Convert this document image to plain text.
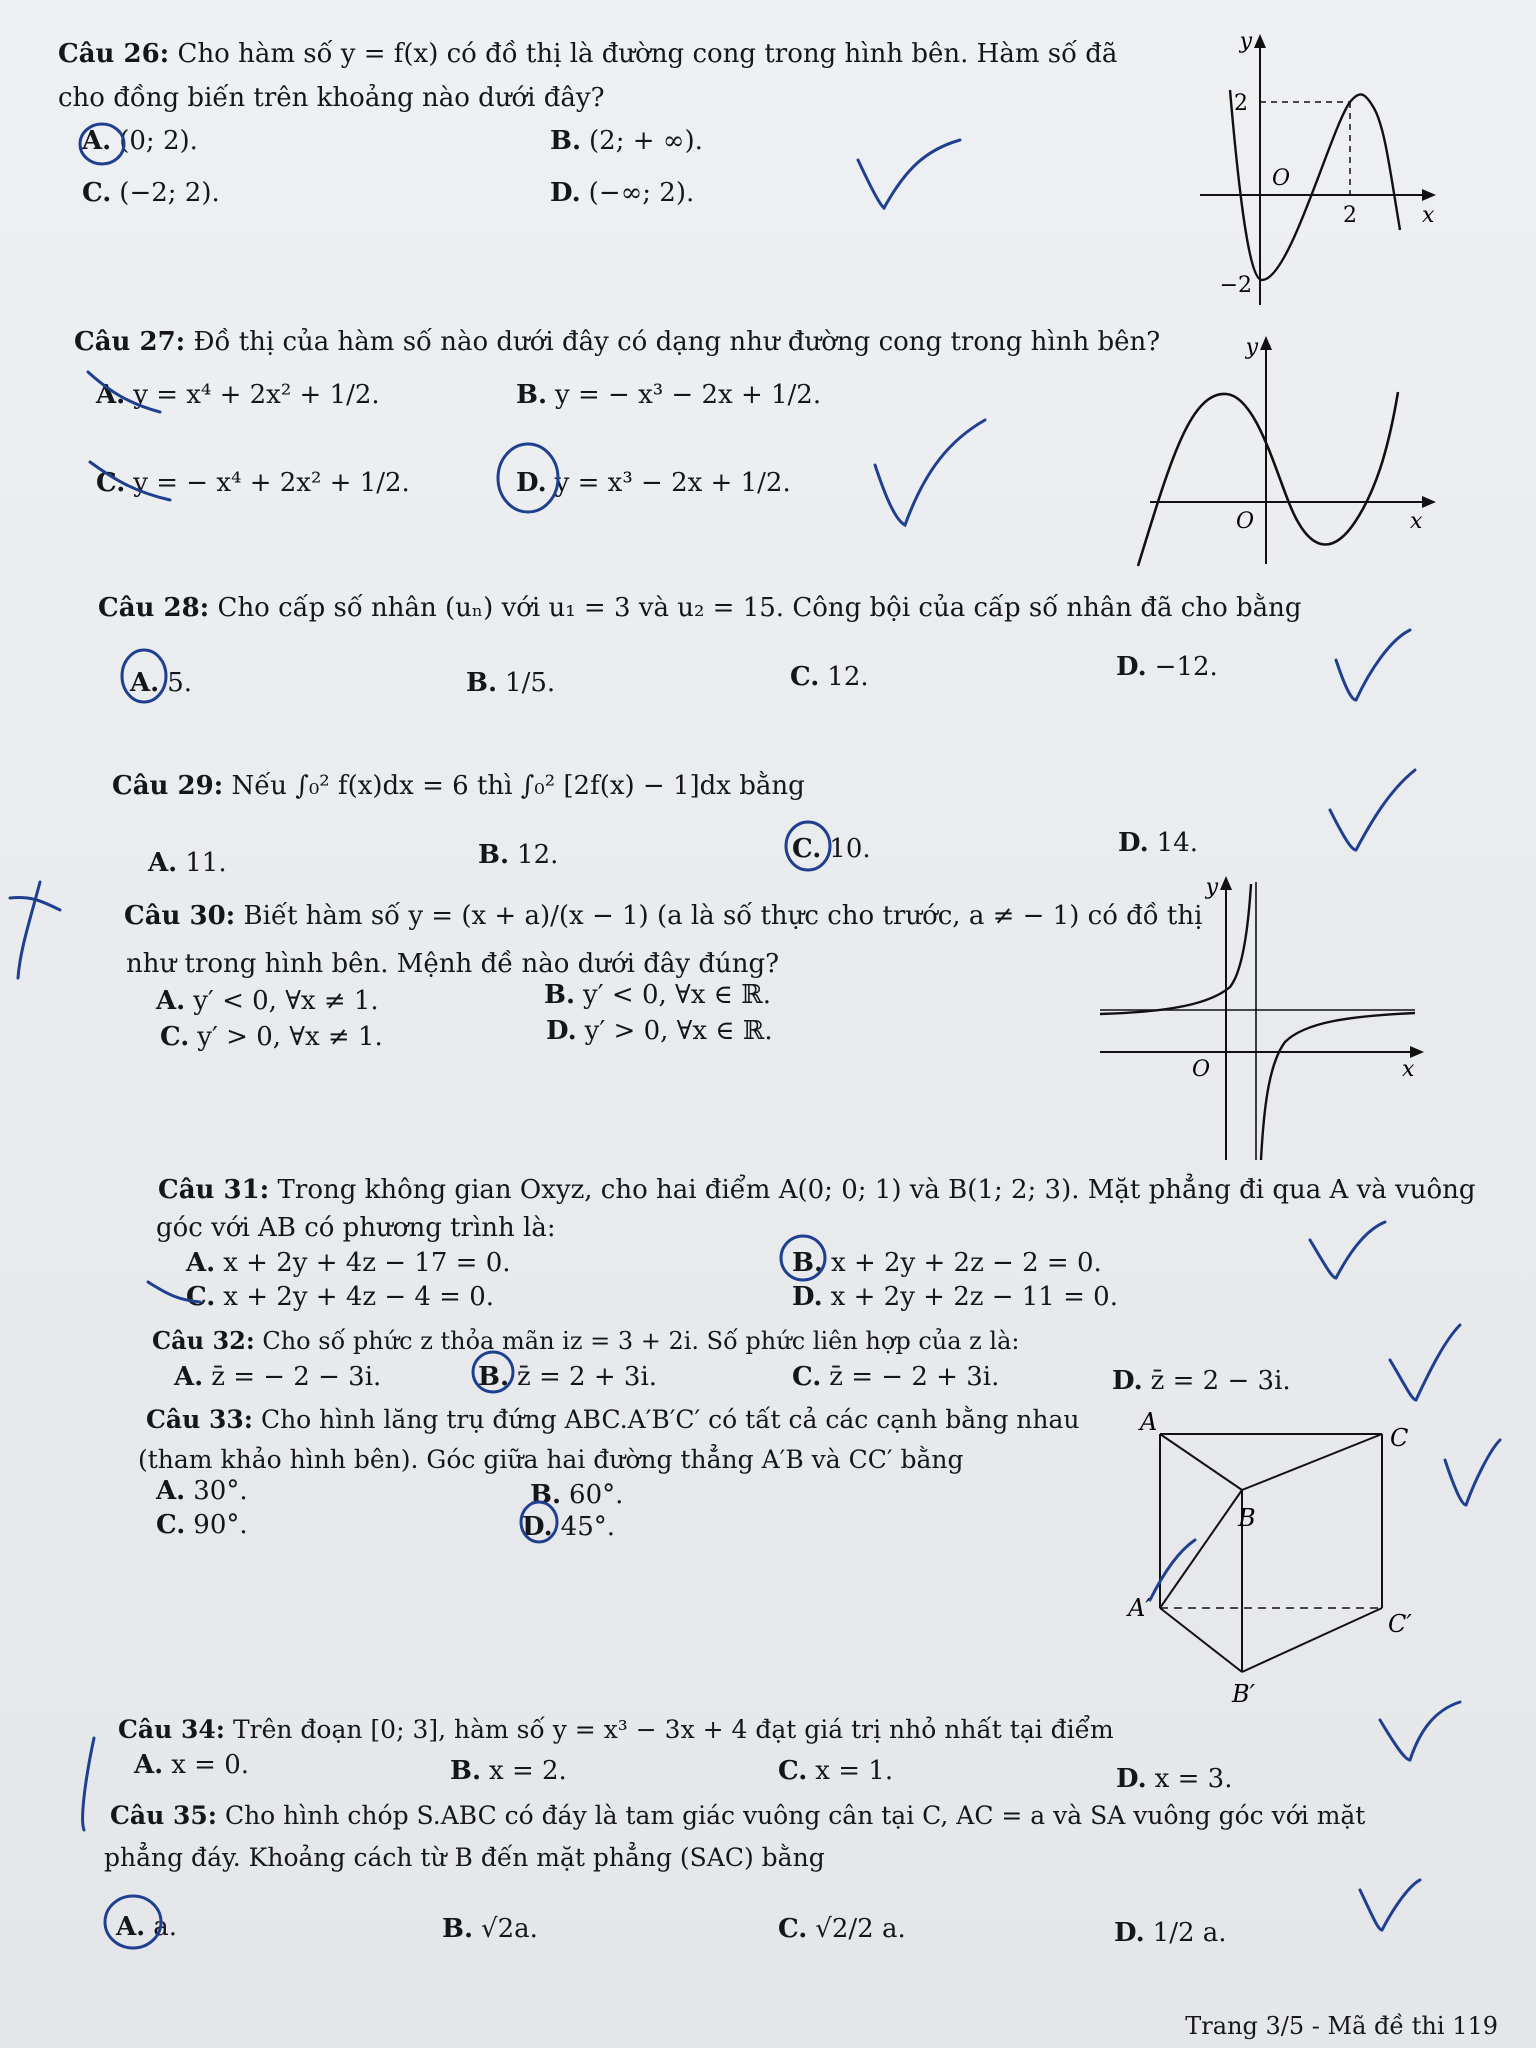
Câu 26: Cho hàm số y = f(x) có đồ thị là đường cong trong hình bên. Hàm số đã
cho đồng biến trên khoảng nào dưới đây?
A. (0; 2).	B. (2; + ∞).
C. (−2; 2).	D. (−∞; 2).
y
2
O
2	x
−2
Câu 27: Đồ thị của hàm số nào dưới đây có dạng như đường cong trong hình bên?
A. y = x⁴ + 2x² + 1/2.	B. y = − x³ − 2x + 1/2.
C. y = − x⁴ + 2x² + 1/2.	D. y = x³ − 2x + 1/2.
y
O	x
Câu 28: Cho cấp số nhân (uₙ) với u₁ = 3 và u₂ = 15. Công bội của cấp số nhân đã cho bằng
A. 5.	B. 1/5.	C. 12.	D. −12.
Câu 29: Nếu ∫₀² f(x)dx = 6 thì ∫₀² [2f(x) − 1]dx bằng
A. 11.	B. 12.	C. 10.	D. 14.
Câu 30: Biết hàm số y = (x + a)/(x − 1) (a là số thực cho trước, a ≠ − 1) có đồ thị
như trong hình bên. Mệnh đề nào dưới đây đúng?
A. y′ < 0, ∀x ≠ 1.	B. y′ < 0, ∀x ∈ ℝ.
C. y′ > 0, ∀x ≠ 1.	D. y′ > 0, ∀x ∈ ℝ.
y
O	x
Câu 31: Trong không gian Oxyz, cho hai điểm A(0; 0; 1) và B(1; 2; 3). Mặt phẳng đi qua A và vuông
góc với AB có phương trình là:
A. x + 2y + 4z − 17 = 0.	B. x + 2y + 2z − 2 = 0.
C. x + 2y + 4z − 4 = 0.	D. x + 2y + 2z − 11 = 0.
Câu 32: Cho số phức z thỏa mãn iz = 3 + 2i. Số phức liên hợp của z là:
A. z̄ = − 2 − 3i.	B. z̄ = 2 + 3i.	C. z̄ = − 2 + 3i.	D. z̄ = 2 − 3i.
Câu 33: Cho hình lăng trụ đứng ABC.A′B′C′ có tất cả các cạnh bằng nhau
(tham khảo hình bên). Góc giữa hai đường thẳng A′B và CC′ bằng
A. 30°.	B. 60°.
C. 90°.	D. 45°.
A
C
B
A′
C′
B′
Câu 34: Trên đoạn [0; 3], hàm số y = x³ − 3x + 4 đạt giá trị nhỏ nhất tại điểm
A. x = 0.	B. x = 2.	C. x = 1.	D. x = 3.
Câu 35: Cho hình chóp S.ABC có đáy là tam giác vuông cân tại C, AC = a và SA vuông góc với mặt
phẳng đáy. Khoảng cách từ B đến mặt phẳng (SAC) bằng
A. a.	B. √2a.	C. √2/2 a.	D. 1/2 a.
Trang 3/5 - Mã đề thi 119
